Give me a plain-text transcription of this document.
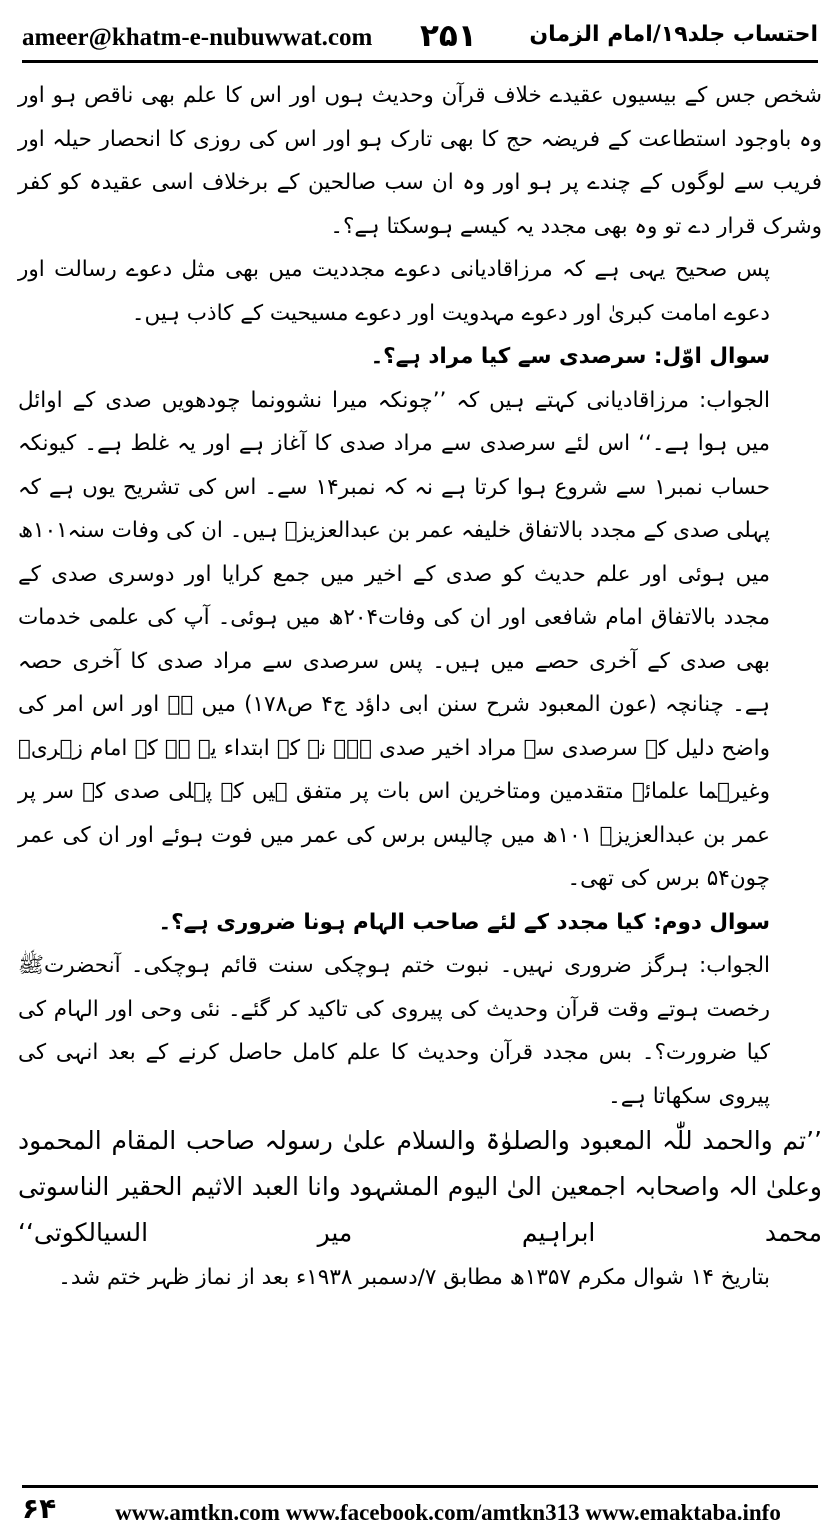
ameer@khatm-e-nubuwwat.com ۲۵۱ احتساب جلد۱۹/امام الزمان

شخص جس کے بیسیوں عقیدے خلاف قرآن وحدیث ہوں اور اس کا علم بھی ناقص ہو اور وہ باوجود استطاعت کے فریضہ حج کا بھی تارک ہو اور اس کی روزی کا انحصار حیلہ اور فریب سے لوگوں کے چندے پر ہو اور وہ ان سب صالحین کے برخلاف اسی عقیدہ کو کفر وشرک قرار دے تو وہ بھی مجدد یہ کیسے ہوسکتا ہے؟۔

پس صحیح یہی ہے کہ مرزاقادیانی دعوے مجددیت میں بھی مثل دعوے رسالت اور دعوے امامت کبریٰ اور دعوے مہدویت اور دعوے مسیحیت کے کاذب ہیں۔

سوال اوّل: سرصدی سے کیا مراد ہے؟۔

الجواب: مرزاقادیانی کہتے ہیں کہ ’’چونکہ میرا نشوونما چودھویں صدی کے اوائل میں ہوا ہے۔‘‘ اس لئے سرصدی سے مراد صدی کا آغاز ہے اور یہ غلط ہے۔ کیونکہ حساب نمبر۱ سے شروع ہوا کرتا ہے نہ کہ نمبر۱۴ سے۔ اس کی تشریح یوں ہے کہ پہلی صدی کے مجدد بالاتفاق خلیفہ عمر بن عبدالعزیزؒ ہیں۔ ان کی وفات سنہ۱۰۱ھ میں ہوئی اور علم حدیث کو صدی کے اخیر میں جمع کرایا اور دوسری صدی کے مجدد بالاتفاق امام شافعی اور ان کی وفات۲۰۴ھ میں ہوئی۔ آپ کی علمی خدمات بھی صدی کے آخری حصے میں ہیں۔ پس سرصدی سے مراد صدی کا آخری حصہ ہے۔ چنانچہ (عون المعبود شرح سنن ابی داؤد ج۴ ص۱۷۸) میں ہے اور اس امر کی واضح دلیل کہ سرصدی سے مراد اخیر صدی ہے۔ نہ کہ ابتداء یہ ہے کہ امام زہریؒ وغیرہما علمائے متقدمین ومتاخرین اس بات پر متفق ہیں کہ پہلی صدی کے سر پر عمر بن عبدالعزیزؒ ۱۰۱ھ میں چالیس برس کی عمر میں فوت ہوئے اور ان کی عمر چون۵۴ برس کی تھی۔

سوال دوم: کیا مجدد کے لئے صاحب الہام ہونا ضروری ہے؟۔

الجواب: ہرگز ضروری نہیں۔ نبوت ختم ہوچکی سنت قائم ہوچکی۔ آنحضرتﷺ رخصت ہوتے وقت قرآن وحدیث کی پیروی کی تاکید کر گئے۔ نئی وحی اور الہام کی کیا ضرورت؟۔ بس مجدد قرآن وحدیث کا علم کامل حاصل کرنے کے بعد انہی کی پیروی سکھاتا ہے۔

’’تم والحمد للّٰہ المعبود والصلوٰۃ والسلام علیٰ رسولہ صاحب المقام المحمود وعلیٰ الہ واصحابہ اجمعین الیٰ الیوم المشہود وانا العبد الاثیم الحقیر الناسوتی محمد ابراہیم میر السیالکوتی‘‘

بتاریخ ۱۴ شوال مکرم ۱۳۵۷ھ مطابق ۷/دسمبر ۱۹۳۸ء بعد از نماز ظہر ختم شد۔

۶۴	www.amtkn.com www.facebook.com/amtkn313 www.emaktaba.info
